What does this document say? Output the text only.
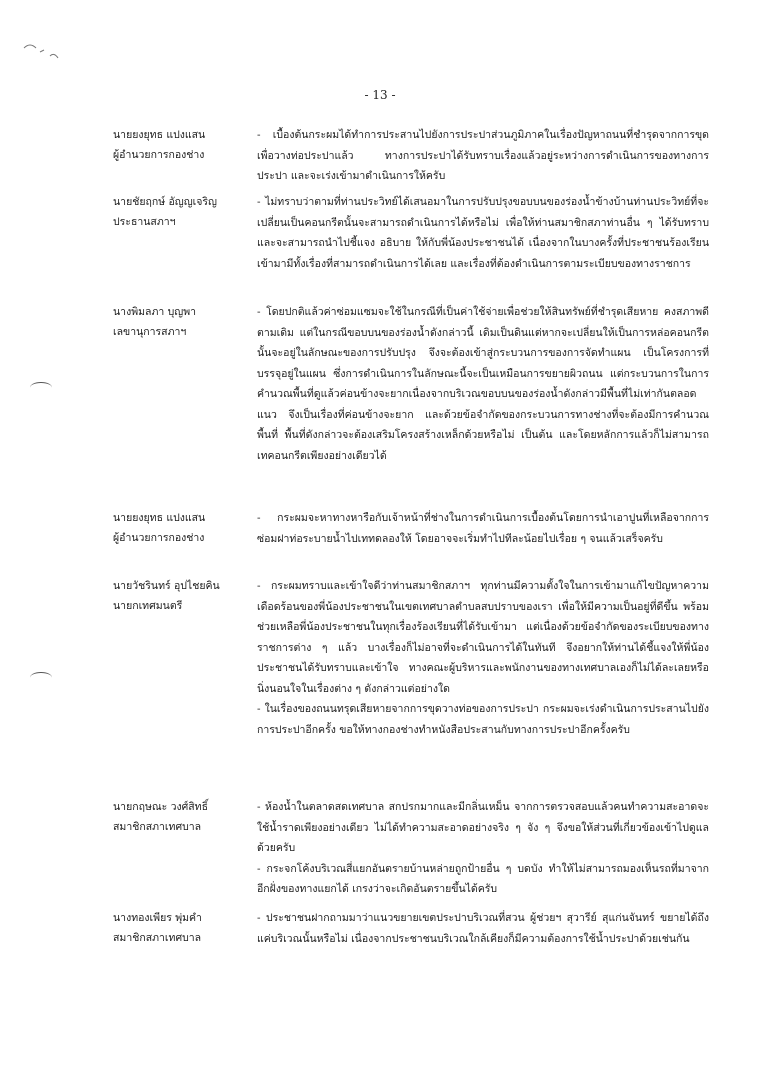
- 13 -
นายยงยุทธ แปงแสน
ผู้อำนวยการกองช่าง

- เบื้องต้นกระผมได้ทำการประสานไปยังการประปาส่วนภูมิภาคในเรื่องปัญหาถนนที่ชำรุดจากการขุดเพื่อวางท่อประปาแล้ว ทางการประปาได้รับทราบเรื่องแล้วอยู่ระหว่างการดำเนินการของทางการประปา และจะเร่งเข้ามาดำเนินการให้ครับ

นายชัยฤกษ์ อัญญเจริญ
ประธานสภาฯ

- ไม่ทราบว่าตามที่ท่านประวิทย์ได้เสนอมาในการปรับปรุงขอบบนของร่องน้ำข้างบ้านท่านประวิทย์ที่จะเปลี่ยนเป็นคอนกรีตนั้นจะสามารถดำเนินการได้หรือไม่ เพื่อให้ท่านสมาชิกสภาท่านอื่น ๆ ได้รับทราบและจะสามารถนำไปชี้แจง อธิบาย ให้กับพี่น้องประชาชนได้ เนื่องจากในบางครั้งที่ประชาชนร้องเรียนเข้ามามีทั้งเรื่องที่สามารถดำเนินการได้เลย และเรื่องที่ต้องดำเนินการตามระเบียบของทางราชการ

นางพิมลภา บุญพา
เลขานุการสภาฯ

- โดยปกติแล้วค่าซ่อมแซมจะใช้ในกรณีที่เป็นค่าใช้จ่ายเพื่อช่วยให้สินทรัพย์ที่ชำรุดเสียหาย คงสภาพดีตามเดิม แต่ในกรณีขอบบนของร่องน้ำดังกล่าวนี้ เดิมเป็นดินแต่หากจะเปลี่ยนให้เป็นการหล่อคอนกรีตนั้นจะอยู่ในลักษณะของการปรับปรุง จึงจะต้องเข้าสู่กระบวนการของการจัดทำแผน เป็นโครงการที่บรรจุอยู่ในแผน ซึ่งการดำเนินการในลักษณะนี้จะเป็นเหมือนการขยายผิวถนน แต่กระบวนการในการคำนวณพื้นที่ดูแล้วค่อนข้างจะยากเนื่องจากบริเวณขอบบนของร่องน้ำดังกล่าวมีพื้นที่ไม่เท่ากันตลอดแนว จึงเป็นเรื่องที่ค่อนข้างจะยาก และด้วยข้อจำกัดของกระบวนการทางช่างที่จะต้องมีการคำนวณพื้นที่ พื้นที่ดังกล่าวจะต้องเสริมโครงสร้างเหล็กด้วยหรือไม่ เป็นต้น และโดยหลักการแล้วก็ไม่สามารถเทคอนกรีตเพียงอย่างเดียวได้

นายยงยุทธ แปงแสน
ผู้อำนวยการกองช่าง

- กระผมจะหาทางหารือกับเจ้าหน้าที่ช่างในการดำเนินการเบื้องต้นโดยการนำเอาปูนที่เหลือจากการซ่อมฝาท่อระบายน้ำไปเททดลองให้ โดยอาจจะเริ่มทำไปทีละน้อยไปเรื่อย ๆ จนแล้วเสร็จครับ

นายวัชรินทร์ อุปไชยคิน
นายกเทศมนตรี

- กระผมทราบและเข้าใจดีว่าท่านสมาชิกสภาฯ ทุกท่านมีความตั้งใจในการเข้ามาแก้ไขปัญหาความเดือดร้อนของพี่น้องประชาชนในเขตเทศบาลตำบลสบปราบของเรา เพื่อให้มีความเป็นอยู่ที่ดีขึ้น พร้อมช่วยเหลือพี่น้องประชาชนในทุกเรื่องร้องเรียนที่ได้รับเข้ามา แต่เนื่องด้วยข้อจำกัดของระเบียบของทางราชการต่าง ๆ แล้ว บางเรื่องก็ไม่อาจที่จะดำเนินการได้ในทันที จึงอยากให้ท่านได้ชี้แจงให้พี่น้องประชาชนได้รับทราบและเข้าใจ ทางคณะผู้บริหารและพนักงานของทางเทศบาลเองก็ไม่ได้ละเลยหรือนิ่งนอนใจในเรื่องต่าง ๆ ดังกล่าวแต่อย่างใด

- ในเรื่องของถนนทรุดเสียหายจากการขุดวางท่อของการประปา กระผมจะเร่งดำเนินการประสานไปยังการประปาอีกครั้ง ขอให้ทางกองช่างทำหนังสือประสานกับทางการประปาอีกครั้งครับ

นายกฤษณะ วงศ์สิทธิ์
สมาชิกสภาเทศบาล

- ห้องน้ำในตลาดสดเทศบาล สกปรกมากและมีกลิ่นเหม็น จากการตรวจสอบแล้วคนทำความสะอาดจะใช้น้ำราดเพียงอย่างเดียว ไม่ได้ทำความสะอาดอย่างจริง ๆ จัง ๆ จึงขอให้ส่วนที่เกี่ยวข้องเข้าไปดูแลด้วยครับ

- กระจกโค้งบริเวณสี่แยกอันตรายบ้านหล่ายถูกป้ายอื่น ๆ บดบัง ทำให้ไม่สามารถมองเห็นรถที่มาจากอีกฝั่งของทางแยกได้ เกรงว่าจะเกิดอันตรายขึ้นได้ครับ

นางทองเพียร พุ่มคำ
สมาชิกสภาเทศบาล

- ประชาชนฝากถามมาว่าแนวขยายเขตประปาบริเวณที่สวน ผู้ช่วยฯ สุวารีย์ สุแก่นจันทร์ ขยายได้ถึงแค่บริเวณนั้นหรือไม่ เนื่องจากประชาชนบริเวณใกล้เคียงก็มีความต้องการใช้น้ำประปาด้วยเช่นกัน
